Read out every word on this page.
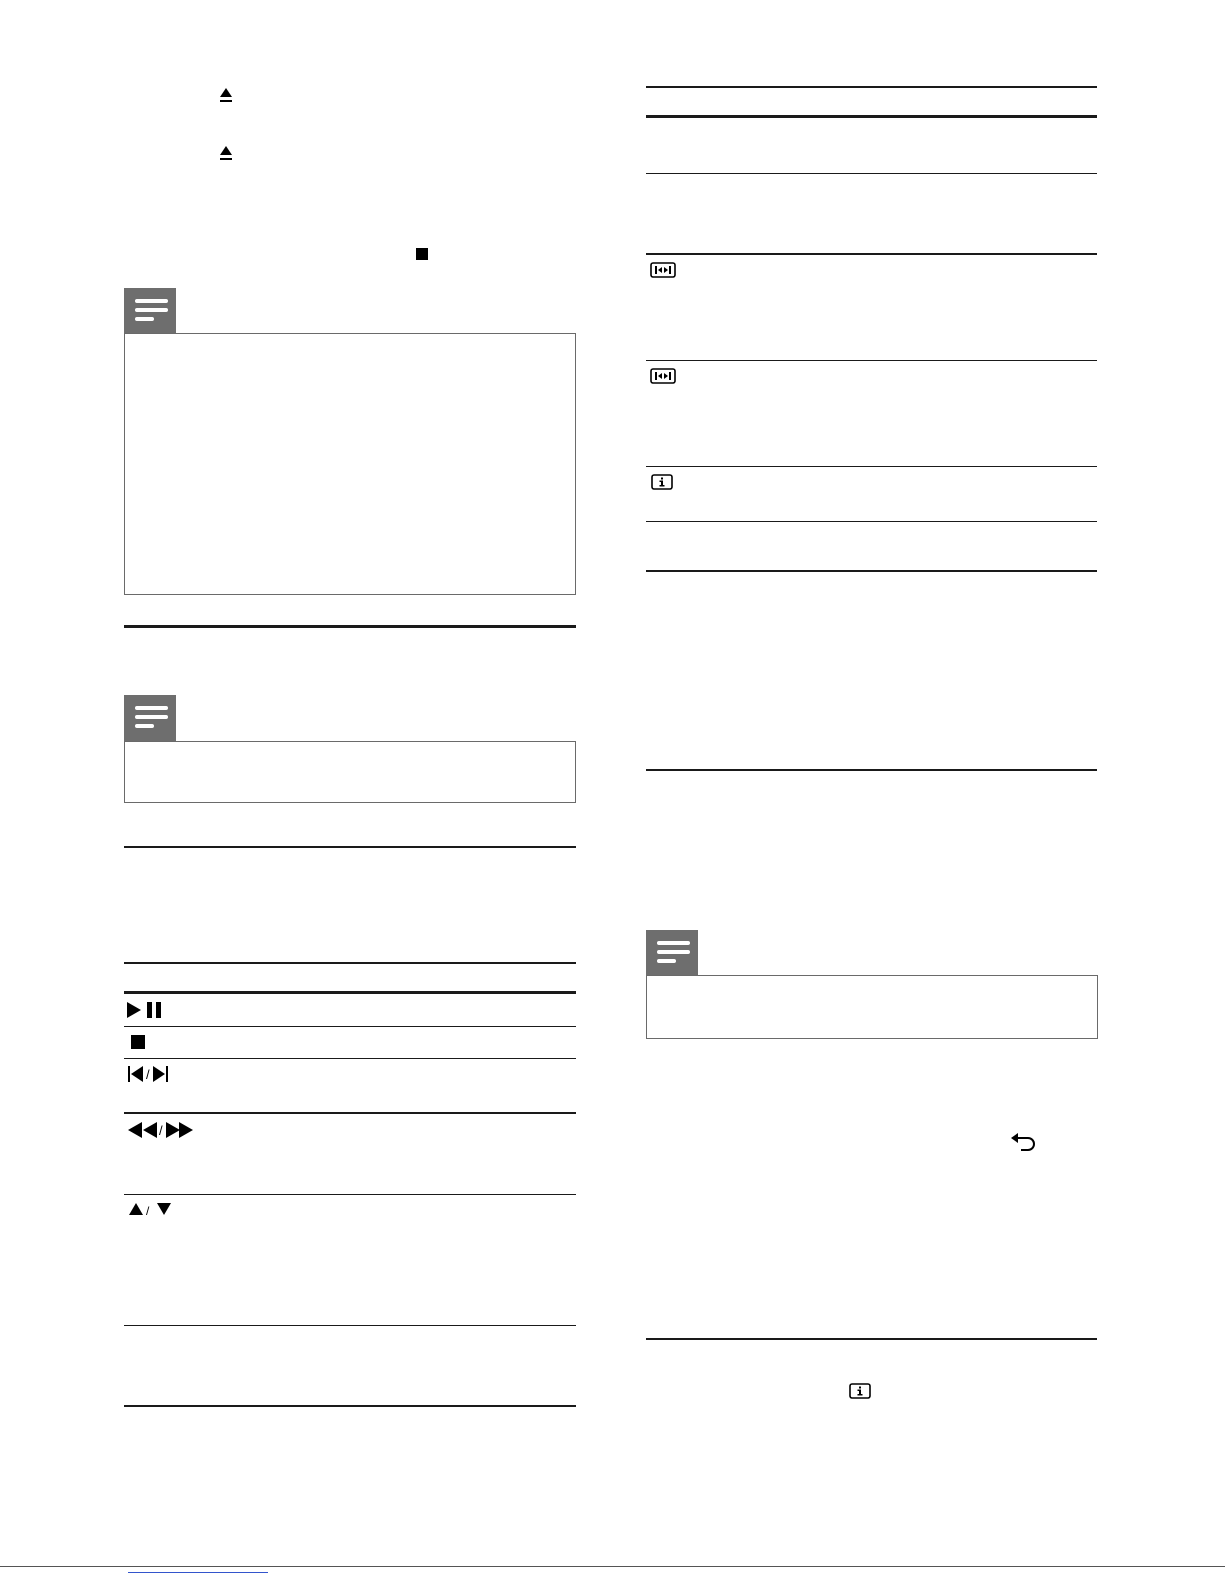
/
/
/
